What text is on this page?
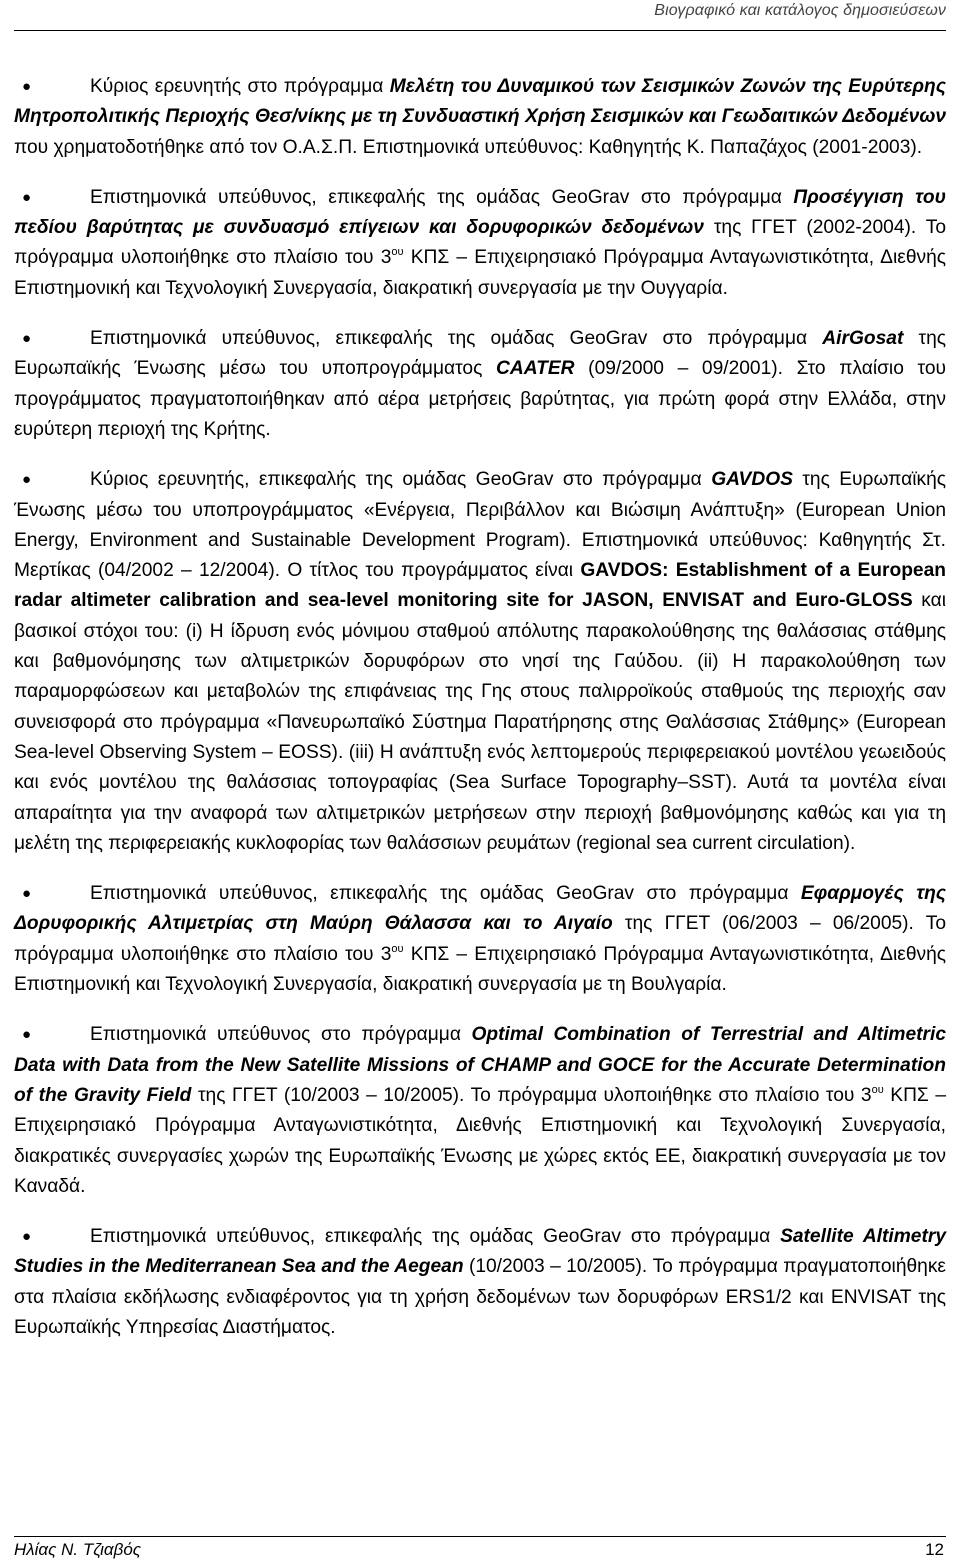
Βιογραφικό και κατάλογος δημοσιεύσεων

●	Κύριος ερευνητής στο πρόγραμμα Μελέτη του Δυναμικού των Σεισμικών Ζωνών της Ευρύτερης Μητροπολιτικής Περιοχής Θεσ/νίκης με τη Συνδυαστική Χρήση Σεισμικών και Γεωδαιτικών Δεδομένων που χρηματοδοτήθηκε από τον Ο.Α.Σ.Π. Επιστημονικά υπεύθυνος: Καθηγητής Κ. Παπαζάχος (2001-2003).

●	Επιστημονικά υπεύθυνος, επικεφαλής της ομάδας GeoGrav στο πρόγραμμα Προσέγγιση του πεδίου βαρύτητας με συνδυασμό επίγειων και δορυφορικών δεδομένων της ΓΓΕΤ (2002-2004). Το πρόγραμμα υλοποιήθηκε στο πλαίσιο του $3^{o\upsilon}$ ΚΠΣ – Επιχειρησιακό Πρόγραμμα Ανταγωνιστικότητα, Διεθνής Επιστημονική και Τεχνολογική Συνεργασία, διακρατική συνεργασία με την Ουγγαρία.

●	Επιστημονικά υπεύθυνος, επικεφαλής της ομάδας GeoGrav στο πρόγραμμα AirGosat της Ευρωπαϊκής Ένωσης μέσω του υποπρογράμματος CAATER (09/2000 – 09/2001). Στο πλαίσιο του προγράμματος πραγματοποιήθηκαν από αέρα μετρήσεις βαρύτητας, για πρώτη φορά στην Ελλάδα, στην ευρύτερη περιοχή της Κρήτης.

●	Κύριος ερευνητής, επικεφαλής της ομάδας GeoGrav στο πρόγραμμα GAVDOS της Ευρωπαϊκής Ένωσης μέσω του υποπρογράμματος «Ενέργεια, Περιβάλλον και Βιώσιμη Ανάπτυξη» (European Union Energy, Environment and Sustainable Development Program). Επιστημονικά υπεύθυνος: Καθηγητής Στ. Μερτίκας (04/2002 – 12/2004). Ο τίτλος του προγράμματος είναι GAVDOS: Establishment of a European radar altimeter calibration and sea-level monitoring site for JASON, ENVISAT and Euro-GLOSS και βασικοί στόχοι του: (i) Η ίδρυση ενός μόνιμου σταθμού απόλυτης παρακολούθησης της θαλάσσιας στάθμης και βαθμονόμησης των αλτιμετρικών δορυφόρων στο νησί της Γαύδου. (ii) Η παρακολούθηση των παραμορφώσεων και μεταβολών της επιφάνειας της Γης στους παλιρροϊκούς σταθμούς της περιοχής σαν συνεισφορά στο πρόγραμμα «Πανευρωπαϊκό Σύστημα Παρατήρησης στης Θαλάσσιας Στάθμης» (European Sea-level Observing System – EOSS). (iii) Η ανάπτυξη ενός λεπτομερούς περιφερειακού μοντέλου γεωειδούς και ενός μοντέλου της θαλάσσιας τοπογραφίας (Sea Surface Topography–SST). Αυτά τα μοντέλα είναι απαραίτητα για την αναφορά των αλτιμετρικών μετρήσεων στην περιοχή βαθμονόμησης καθώς και για τη μελέτη της περιφερειακής κυκλοφορίας των θαλάσσιων ρευμάτων (regional sea current circulation).

●	Επιστημονικά υπεύθυνος, επικεφαλής της ομάδας GeoGrav στο πρόγραμμα Εφαρμογές της Δορυφορικής Αλτιμετρίας στη Μαύρη Θάλασσα και το Αιγαίο της ΓΓΕΤ (06/2003 – 06/2005). Το πρόγραμμα υλοποιήθηκε στο πλαίσιο του $3^{o\upsilon}$ ΚΠΣ – Επιχειρησιακό Πρόγραμμα Ανταγωνιστικότητα, Διεθνής Επιστημονική και Τεχνολογική Συνεργασία, διακρατική συνεργασία με τη Βουλγαρία.

●	Επιστημονικά υπεύθυνος στο πρόγραμμα Optimal Combination of Terrestrial and Altimetric Data with Data from the New Satellite Missions of CHAMP and GOCE for the Accurate Determination of the Gravity Field της ΓΓΕΤ (10/2003 – 10/2005). Το πρόγραμμα υλοποιήθηκε στο πλαίσιο του $3^{o\upsilon}$ ΚΠΣ – Επιχειρησιακό Πρόγραμμα Ανταγωνιστικότητα, Διεθνής Επιστημονική και Τεχνολογική Συνεργασία, διακρατικές συνεργασίες χωρών της Ευρωπαϊκής Ένωσης με χώρες εκτός ΕΕ, διακρατική συνεργασία με τον Καναδά.

●	Επιστημονικά υπεύθυνος, επικεφαλής της ομάδας GeoGrav στο πρόγραμμα Satellite Altimetry Studies in the Mediterranean Sea and the Aegean (10/2003 – 10/2005). Το πρόγραμμα πραγματοποιήθηκε στα πλαίσια εκδήλωσης ενδιαφέροντος για τη χρήση δεδομένων των δορυφόρων ERS1/2 και ENVISAT της Ευρωπαϊκής Υπηρεσίας Διαστήματος.

Ηλίας Ν. Τζιαβός	12
